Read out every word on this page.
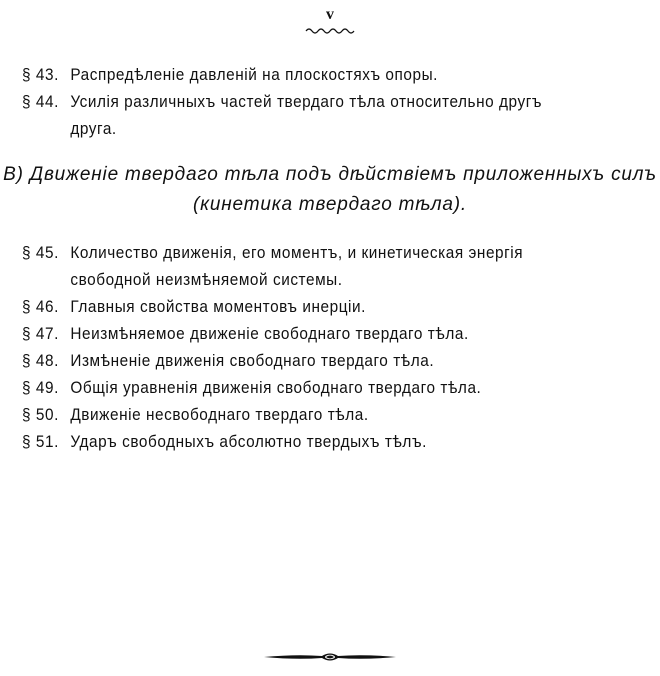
v
§ 43. Распредѣленіе давленій на плоскостяхъ опоры.
§ 44. Усилія различныхъ частей твердаго тѣла относительно другъ
друга.
В) Движеніе твердаго тѣла подъ дѣйствіемъ приложенныхъ силъ
(кинетика твердаго тѣла).
§ 45. Количество движенія, его моментъ, и кинетическая энергія
свободной неизмѣняемой системы.
§ 46. Главныя свойства моментовъ инерціи.
§ 47. Неизмѣняемое движеніе свободнаго твердаго тѣла.
§ 48. Измѣненіе движенія свободнаго твердаго тѣла.
§ 49. Общія уравненія движенія свободнаго твердаго тѣла.
§ 50. Движеніе несвободнаго твердаго тѣла.
§ 51. Ударъ свободныхъ абсолютно твердыхъ тѣлъ.
